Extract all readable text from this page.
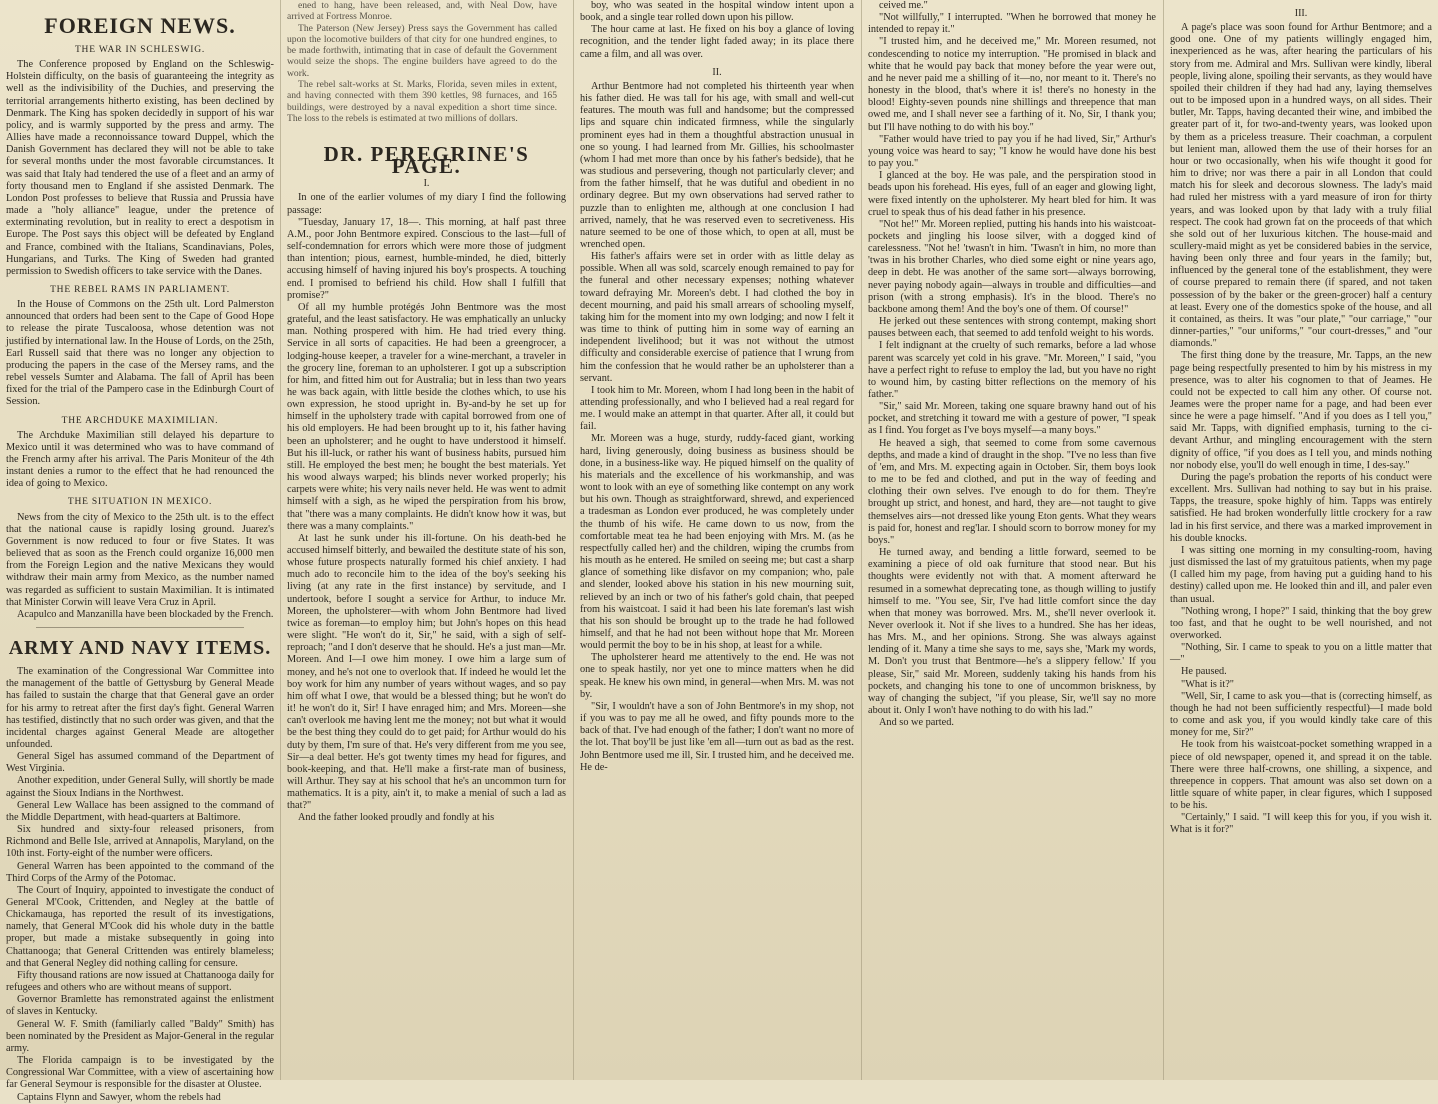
FOREIGN NEWS.
THE WAR IN SCHLESWIG.

The Conference proposed by England on the Schleswig-Holstein difficulty, on the basis of guaranteeing the integrity as well as the indivisibility of the Duchies, and preserving the territorial arrangements hitherto existing, has been declined by Denmark. The King has spoken decidedly in support of his war policy, and is warmly supported by the press and army. The Allies have made a reconnoissance toward Duppel, which the Danish Government has declared they will not be able to take for several months under the most favorable circumstances. It was said that Italy had tendered the use of a fleet and an army of forty thousand men to England if she assisted Denmark. The London Post professes to believe that Russia and Prussia have made a "holy alliance" league, under the pretence of exterminating revolution, but in reality to erect a despotism in Europe. The Post says this object will be defeated by England and France, combined with the Italians, Scandinavians, Poles, Hungarians, and Turks. The King of Sweden had granted permission to Swedish officers to take service with the Danes.

THE REBEL RAMS IN PARLIAMENT.

In the House of Commons on the 25th ult. Lord Palmerston announced that orders had been sent to the Cape of Good Hope to release the pirate Tuscaloosa, whose detention was not justified by international law. In the House of Lords, on the 25th, Earl Russell said that there was no longer any objection to producing the papers in the case of the Mersey rams, and the rebel vessels Sumter and Alabama. The fall of April has been fixed for the trial of the Pampero case in the Edinburgh Court of Session.

THE ARCHDUKE MAXIMILIAN.

The Archduke Maximilian still delayed his departure to Mexico until it was determined who was to have command of the French army after his arrival. The Paris Moniteur of the 4th instant denies a rumor to the effect that he had renounced the idea of going to Mexico.

THE SITUATION IN MEXICO.

News from the city of Mexico to the 25th ult. is to the effect that the national cause is rapidly losing ground. Juarez's Government is now reduced to four or five States. It was believed that as soon as the French could organize 16,000 men from the Foreign Legion and the native Mexicans they would withdraw their main army from Mexico, as the number named was regarded as sufficient to sustain Maximilian. It is intimated that Minister Corwin will leave Vera Cruz in April.

Acapulco and Manzanilla have been blockaded by the French.

ARMY AND NAVY ITEMS.

The examination of the Congressional War Committee into the management of the battle of Gettysburg by General Meade has failed to sustain the charge that that General gave an order for his army to retreat after the first day's fight. General Warren has testified, distinctly that no such order was given, and that the incidental charges against General Meade are altogether unfounded.

General Sigel has assumed command of the Department of West Virginia.

Another expedition, under General Sully, will shortly be made against the Sioux Indians in the Northwest.

General Lew Wallace has been assigned to the command of the Middle Department, with head-quarters at Baltimore.

Six hundred and sixty-four released prisoners, from Richmond and Belle Isle, arrived at Annapolis, Maryland, on the 10th inst. Forty-eight of the number were officers.

General Warren has been appointed to the command of the Third Corps of the Army of the Potomac.

The Court of Inquiry, appointed to investigate the conduct of General M'Cook, Crittenden, and Negley at the battle of Chickamauga, has reported the result of its investigations, namely, that General M'Cook did his whole duty in the battle proper, but made a mistake subsequently in going into Chattanooga; that General Crittenden was entirely blameless; and that General Negley did nothing calling for censure.

Fifty thousand rations are now issued at Chattanooga daily for refugees and others who are without means of support.

Governor Bramlette has remonstrated against the enlistment of slaves in Kentucky.

General W. F. Smith (familiarly called "Baldy" Smith) has been nominated by the President as Major-General in the regular army.

The Florida campaign is to be investigated by the Congressional War Committee, with a view of ascertaining how far General Seymour is responsible for the disaster at Olustee.

Captains Flynn and Sawyer, whom the rebels had

ened to hang, have been released, and, with Neal Dow, have arrived at Fortress Monroe.

The Paterson (New Jersey) Press says the Government has called upon the locomotive builders of that city for one hundred engines, to be made forthwith, intimating that in case of default the Government would seize the shops. The engine builders have agreed to do the work.

The rebel salt-works at St. Marks, Florida, seven miles in extent, and having connected with them 390 kettles, 98 furnaces, and 165 buildings, were destroyed by a naval expedition a short time since. The loss to the rebels is estimated at two millions of dollars.

DR. PEREGRINE'S PAGE.
I.

In one of the earlier volumes of my diary I find the following passage:

"Tuesday, January 17, 18—. This morning, at half past three A.M., poor John Bentmore expired. Conscious to the last—full of self-condemnation for errors which were more those of judgment than intention; pious, earnest, humble-minded, he died, bitterly accusing himself of having injured his boy's prospects. A touching end. I promised to befriend his child. How shall I fulfill that promise?"

Of all my humble protégés John Bentmore was the most grateful, and the least satisfactory. He was emphatically an unlucky man. Nothing prospered with him. He had tried every thing. Service in all sorts of capacities. He had been a greengrocer, a lodging-house keeper, a traveler for a wine-merchant, a traveler in the grocery line, foreman to an upholsterer. I got up a subscription for him, and fitted him out for Australia; but in less than two years he was back again, with little beside the clothes which, to use his own expression, he stood upright in. By-and-by he set up for himself in the upholstery trade with capital borrowed from one of his old employers. He had been brought up to it, his father having been an upholsterer; and he ought to have understood it himself. But his ill-luck, or rather his want of business habits, pursued him still. He employed the best men; he bought the best materials. Yet his wood always warped; his blinds never worked properly; his carpets were white; his very nails never held. He was went to admit himself with a sigh, as he wiped the perspiration from his brow, that "there was a many complaints. He didn't know how it was, but there was a many complaints."

At last he sunk under his ill-fortune. On his death-bed he accused himself bitterly, and bewailed the destitute state of his son, whose future prospects naturally formed his chief anxiety. I had much ado to reconcile him to the idea of the boy's seeking his living (at any rate in the first instance) by servitude, and I undertook, before I sought a service for Arthur, to induce Mr. Moreen, the upholsterer—with whom John Bentmore had lived twice as foreman—to employ him; but John's hopes on this head were slight. "He won't do it, Sir," he said, with a sigh of self-reproach; "and I don't deserve that he should. He's a just man—Mr. Moreen. And I—I owe him money. I owe him a large sum of money, and he's not one to overlook that. If indeed he would let the boy work for him any number of years without wages, and so pay him off what I owe, that would be a blessed thing; but he won't do it! he won't do it, Sir! I have enraged him; and Mrs. Moreen—she can't overlook me having lent me the money; not but what it would be the best thing they could do to get paid; for Arthur would do his duty by them, I'm sure of that. He's very different from me you see, Sir—a deal better. He's got twenty times my head for figures, and book-keeping, and that. He'll make a first-rate man of business, will Arthur. They say at his school that he's an uncommon turn for mathematics. It is a pity, ain't it, to make a menial of such a lad as that?"

And the father looked proudly and fondly at his

boy, who was seated in the hospital window intent upon a book, and a single tear rolled down upon his pillow.

The hour came at last. He fixed on his boy a glance of loving recognition, and the tender light faded away; in its place there came a film, and all was over.

II.

Arthur Bentmore had not completed his thirteenth year when his father died. He was tall for his age, with small and well-cut features. The mouth was full and handsome; but the compressed lips and square chin indicated firmness, while the singularly prominent eyes had in them a thoughtful abstraction unusual in one so young. I had learned from Mr. Gillies, his schoolmaster (whom I had met more than once by his father's bedside), that he was studious and persevering, though not particularly clever; and from the father himself, that he was dutiful and obedient in no ordinary degree. But my own observations had served rather to puzzle than to enlighten me, although at one conclusion I had arrived, namely, that he was reserved even to secretiveness. His nature seemed to be one of those which, to open at all, must be wrenched open.

His father's affairs were set in order with as little delay as possible. When all was sold, scarcely enough remained to pay for the funeral and other necessary expenses; nothing whatever toward defraying Mr. Moreen's debt. I had clothed the boy in decent mourning, and paid his small arrears of schooling myself, taking him for the moment into my own lodging; and now I felt it was time to think of putting him in some way of earning an independent livelihood; but it was not without the utmost difficulty and considerable exercise of patience that I wrung from him the confession that he would rather be an upholsterer than a servant.

I took him to Mr. Moreen, whom I had long been in the habit of attending professionally, and who I believed had a real regard for me. I would make an attempt in that quarter. After all, it could but fail.

Mr. Moreen was a huge, sturdy, ruddy-faced giant, working hard, living generously, doing business as business should be done, in a business-like way. He piqued himself on the quality of his materials and the excellence of his workmanship, and was wont to look with an eye of something like contempt on any work but his own. Though as straightforward, shrewd, and experienced a tradesman as London ever produced, he was completely under the thumb of his wife. He came down to us now, from the comfortable meat tea he had been enjoying with Mrs. M. (as he respectfully called her) and the children, wiping the crumbs from his mouth as he entered. He smiled on seeing me; but cast a sharp glance of something like disfavor on my companion; who, pale and slender, looked above his station in his new mourning suit, relieved by an inch or two of his father's gold chain, that peeped from his waistcoat. I said it had been his late foreman's last wish that his son should be brought up to the trade he had followed himself, and that he had not been without hope that Mr. Moreen would permit the boy to be in his shop, at least for a while.

The upholsterer heard me attentively to the end. He was not one to speak hastily, nor yet one to mince matters when he did speak. He knew his own mind, in general—when Mrs. M. was not by.

"Sir, I wouldn't have a son of John Bentmore's in my shop, not if you was to pay me all he owed, and fifty pounds more to the back of that. I've had enough of the father; I don't want no more of the lot. That boy'll be just like 'em all—turn out as bad as the rest. John Bentmore used me ill, Sir. I trusted him, and he deceived me. He de-

ceived me."

"Not willfully," I interrupted. "When he borrowed that money he intended to repay it."

"I trusted him, and he deceived me," Mr. Moreen resumed, not condescending to notice my interruption. "He promised in black and white that he would pay back that money before the year were out, and he never paid me a shilling of it—no, nor meant to it. There's no honesty in the blood, that's where it is! there's no honesty in the blood! Eighty-seven pounds nine shillings and threepence that man owed me, and I shall never see a farthing of it. No, Sir, I thank you; but I'll have nothing to do with his boy."

"Father would have tried to pay you if he had lived, Sir," Arthur's young voice was heard to say; "I know he would have done his best to pay you."

I glanced at the boy. He was pale, and the perspiration stood in beads upon his forehead. His eyes, full of an eager and glowing light, were fixed intently on the upholsterer. My heart bled for him. It was cruel to speak thus of his dead father in his presence.

"Not he!" Mr. Moreen replied, putting his hands into his waistcoat-pockets and jingling his loose silver, with a dogged kind of carelessness. "Not he! 'twasn't in him. 'Twasn't in him, no more than 'twas in his brother Charles, who died some eight or nine years ago, deep in debt. He was another of the same sort—always borrowing, never paying nobody again—always in trouble and difficulties—and prison (with a strong emphasis). It's in the blood. There's no backbone among them! And the boy's one of them. Of course!"

He jerked out these sentences with strong contempt, making short pauses between each, that seemed to add tenfold weight to his words.

I felt indignant at the cruelty of such remarks, before a lad whose parent was scarcely yet cold in his grave. "Mr. Moreen," I said, "you have a perfect right to refuse to employ the lad, but you have no right to wound him, by casting bitter reflections on the memory of his father."

"Sir," said Mr. Moreen, taking one square brawny hand out of his pocket, and stretching it toward me with a gesture of power, "I speak as I find. You forget as I've boys myself—a many boys."

He heaved a sigh, that seemed to come from some cavernous depths, and made a kind of draught in the shop. "I've no less than five of 'em, and Mrs. M. expecting again in October. Sir, them boys look to me to be fed and clothed, and put in the way of feeding and clothing their own selves. I've enough to do for them. They're brought up strict, and honest, and hard, they are—not taught to give themselves airs—not dressed like young Eton gents. What they wears is paid for, honest and reg'lar. I should scorn to borrow money for my boys."

He turned away, and bending a little forward, seemed to be examining a piece of old oak furniture that stood near. But his thoughts were evidently not with that. A moment afterward he resumed in a somewhat deprecating tone, as though willing to justify himself to me. "You see, Sir, I've had little comfort since the day when that money was borrowed. Mrs. M., she'll never overlook it. Never overlook it. Not if she lives to a hundred. She has her ideas, has Mrs. M., and her opinions. Strong. She was always against lending of it. Many a time she says to me, says she, 'Mark my words, M. Don't you trust that Bentmore—he's a slippery fellow.' If you please, Sir," said Mr. Moreen, suddenly taking his hands from his pockets, and changing his tone to one of uncommon briskness, by way of changing the subject, "if you please, Sir, we'll say no more about it. Only I won't have nothing to do with his lad."

And so we parted.

III.

A page's place was soon found for Arthur Bentmore; and a good one. One of my patients willingly engaged him, inexperienced as he was, after hearing the particulars of his story from me. Admiral and Mrs. Sullivan were kindly, liberal people, living alone, spoiling their servants, as they would have spoiled their children if they had had any, laying themselves out to be imposed upon in a hundred ways, on all sides. Their butler, Mr. Tapps, having decanted their wine, and imbibed the greater part of it, for two-and-twenty years, was looked upon by them as a priceless treasure. Their coachman, a corpulent but lenient man, allowed them the use of their horses for an hour or two occasionally, when his wife thought it good for him to drive; nor was there a pair in all London that could match his for sleek and decorous slowness. The lady's maid had ruled her mistress with a yard measure of iron for thirty years, and was looked upon by that lady with a truly filial respect. The cook had grown fat on the proceeds of that which she sold out of her luxurious kitchen. The house-maid and scullery-maid might as yet be considered babies in the service, having been only three and four years in the family; but, influenced by the general tone of the establishment, they were of course prepared to remain there (if spared, and not taken possession of by the baker or the green-grocer) half a century at least. Every one of the domestics spoke of the house, and all it contained, as theirs. It was "our plate," "our carriage," "our dinner-parties," "our uniforms," "our court-dresses," and "our diamonds."

The first thing done by the treasure, Mr. Tapps, an the new page being respectfully presented to him by his mistress in my presence, was to alter his cognomen to that of Jeames. He could not be expected to call him any other. Of course not. Jeames were the proper name for a page, and had been ever since he were a page himself. "And if you does as I tell you," said Mr. Tapps, with dignified emphasis, turning to the ci-devant Arthur, and mingling encouragement with the stern dignity of office, "if you does as I tell you, and minds nothing nor nobody else, you'll do well enough in time, I des-say."

During the page's probation the reports of his conduct were excellent. Mrs. Sullivan had nothing to say but in his praise. Tapps, the treasure, spoke highly of him. Tapps was entirely satisfied. He had broken wonderfully little crockery for a raw lad in his first service, and there was a marked improvement in his double knocks.

I was sitting one morning in my consulting-room, having just dismissed the last of my gratuitous patients, when my page (I called him my page, from having put a guiding hand to his destiny) called upon me. He looked thin and ill, and paler even than usual.

"Nothing wrong, I hope?" I said, thinking that the boy grew too fast, and that he ought to be well nourished, and not overworked.

"Nothing, Sir. I came to speak to you on a little matter that—"

He paused.

"What is it?"

"Well, Sir, I came to ask you—that is (correcting himself, as though he had not been sufficiently respectful)—I made bold to come and ask you, if you would kindly take care of this money for me, Sir?"

He took from his waistcoat-pocket something wrapped in a piece of old newspaper, opened it, and spread it on the table. There were three half-crowns, one shilling, a sixpence, and threepence in coppers. That amount was also set down on a little square of white paper, in clear figures, which I supposed to be his.

"Certainly," I said. "I will keep this for you, if you wish it. What is it for?"
